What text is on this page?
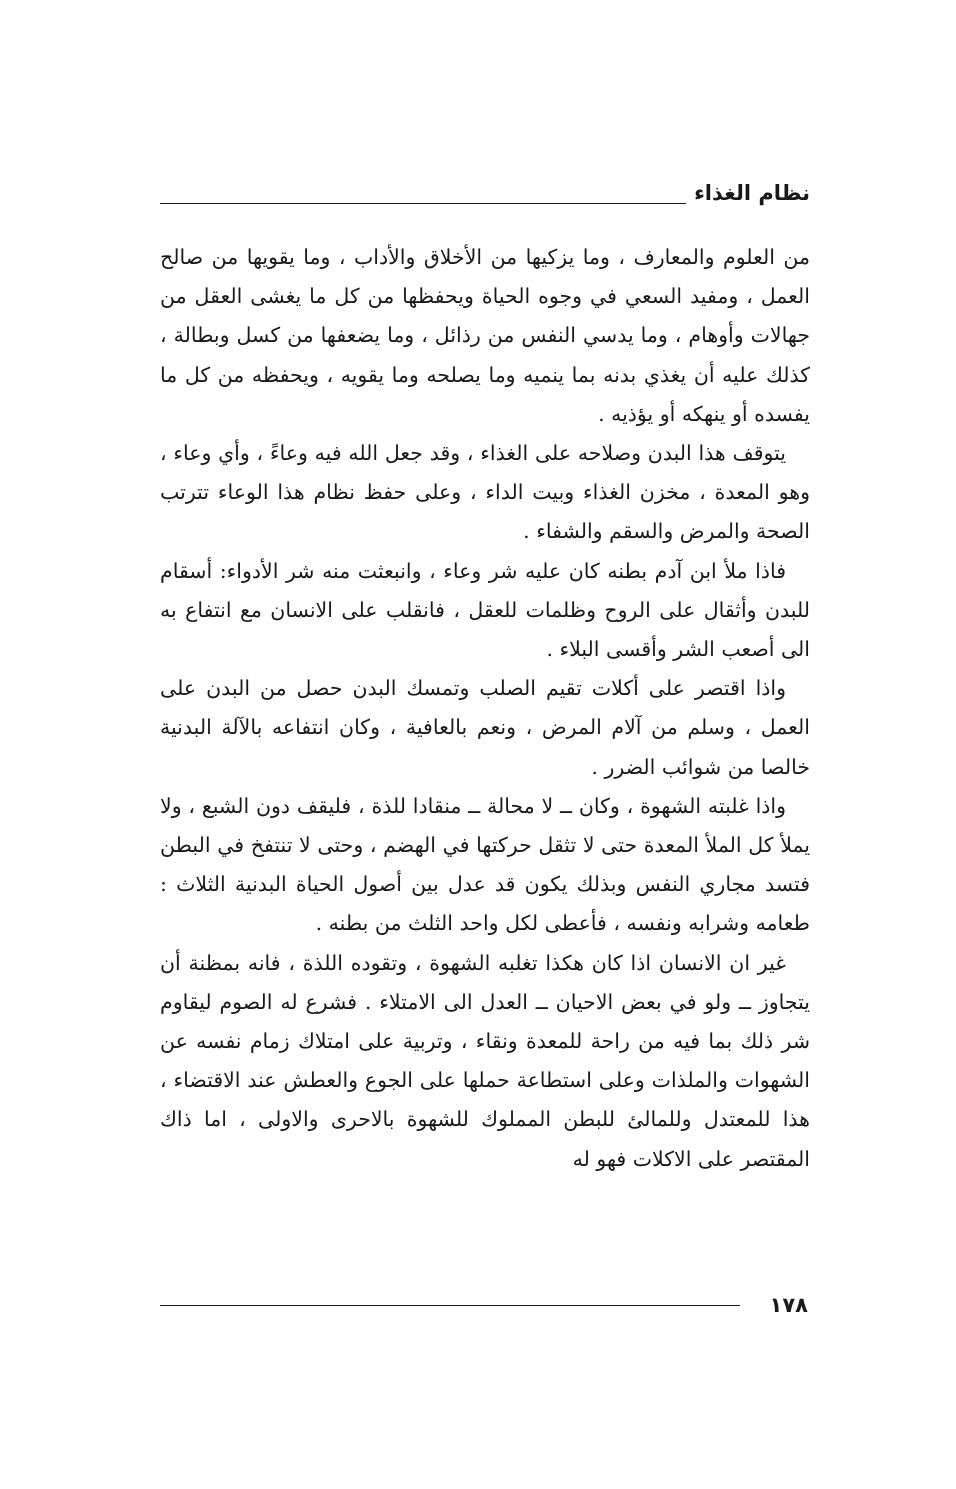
نظام الغذاء

من العلوم والمعارف ، وما يزكيها من الأخلاق والأداب ، وما يقويها من صالح العمل ، ومفيد السعي في وجوه الحياة ويحفظها من كل ما يغشى العقل من جهالات وأوهام ، وما يدسي النفس من رذائل ، وما يضعفها من كسل وبطالة ، كذلك عليه أن يغذي بدنه بما ينميه وما يصلحه وما يقويه ، ويحفظه من كل ما يفسده أو ينهكه أو يؤذيه .

يتوقف هذا البدن وصلاحه على الغذاء ، وقد جعل الله فيه وعاءً ، وأي وعاء ، وهو المعدة ، مخزن الغذاء وبيت الداء ، وعلى حفظ نظام هذا الوعاء تترتب الصحة والمرض والسقم والشفاء .

فاذا ملأ ابن آدم بطنه كان عليه شر وعاء ، وانبعثت منه شر الأدواء: أسقام للبدن وأثقال على الروح وظلمات للعقل ، فانقلب على الانسان مع انتفاع به الى أصعب الشر وأقسى البلاء .

واذا اقتصر على أكلات تقيم الصلب وتمسك البدن حصل من البدن على العمل ، وسلم من آلام المرض ، ونعم بالعافية ، وكان انتفاعه بالآلة البدنية خالصا من شوائب الضرر .

واذا غلبته الشهوة ، وكان ــ لا محالة ــ منقادا للذة ، فليقف دون الشبع ، ولا يملأ كل الملأ المعدة حتى لا تثقل حركتها في الهضم ، وحتى لا تنتفخ في البطن فتسد مجاري النفس وبذلك يكون قد عدل بين أصول الحياة البدنية الثلاث : طعامه وشرابه ونفسه ، فأعطى لكل واحد الثلث من بطنه .

غير ان الانسان اذا كان هكذا تغلبه الشهوة ، وتقوده اللذة ، فانه بمظنة أن يتجاوز ــ ولو في بعض الاحيان ــ العدل الى الامتلاء . فشرع له الصوم ليقاوم شر ذلك بما فيه من راحة للمعدة ونقاء ، وتربية على امتلاك زمام نفسه عن الشهوات والملذات وعلى استطاعة حملها على الجوع والعطش عند الاقتضاء ، هذا للمعتدل وللمالئ للبطن المملوك للشهوة بالاحرى والاولى ، اما ذاك المقتصر على الاكلات فهو له

١٧٨
